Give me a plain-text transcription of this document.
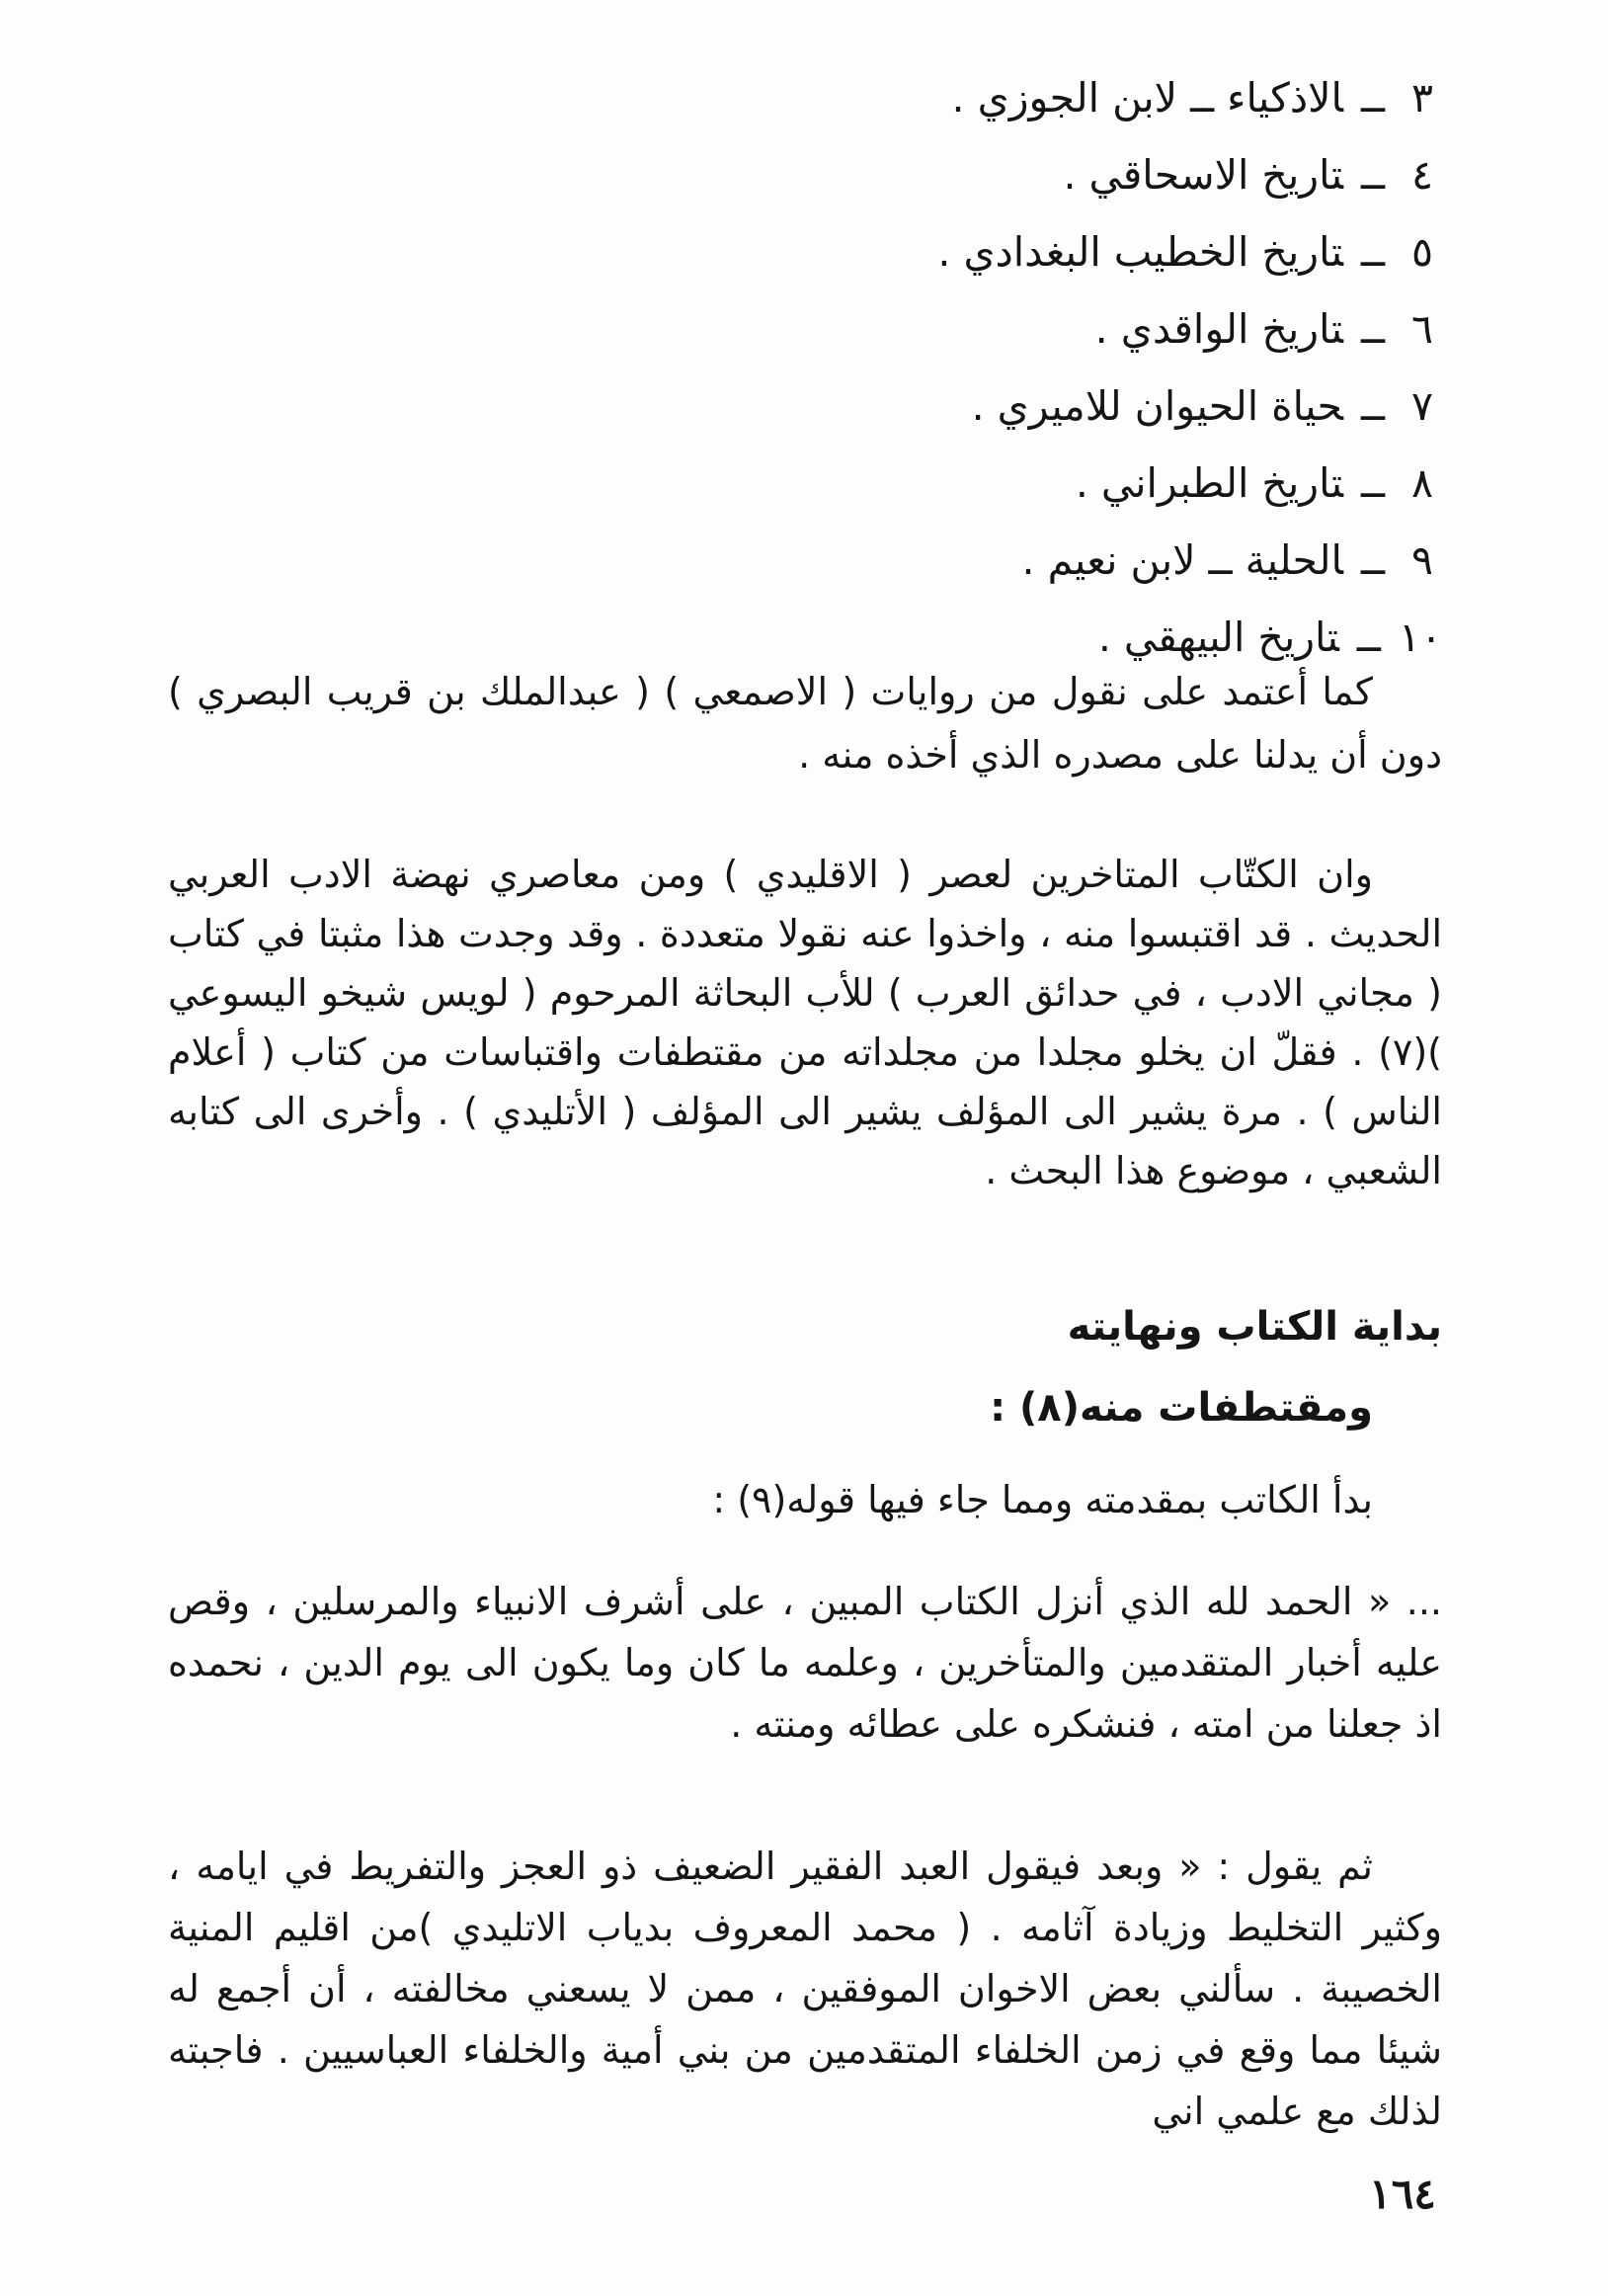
٣ــالاذكياء ــ لابن الجوزي .
٤ــتاريخ الاسحاقي .
٥ــتاريخ الخطيب البغدادي .
٦ــتاريخ الواقدي .
٧ــحياة الحيوان للاميري .
٨ــتاريخ الطبراني .
٩ــالحلية ــ لابن نعيم .
١٠ــتاريخ البيهقي .

كما أعتمد على نقول من روايات ( الاصمعي ) ( عبدالملك بن قريب البصري ) دون أن يدلنا على مصدره الذي أخذه منه .

وان الكتّاب المتاخرين لعصر ( الاقليدي ) ومن معاصري نهضة الادب العربي الحديث . قد اقتبسوا منه ، واخذوا عنه نقولا متعددة . وقد وجدت هذا مثبتا في كتاب ( مجاني الادب ، في حدائق العرب ) للأب البحاثة المرحوم ( لويس شيخو اليسوعي )(٧) . فقلّ ان يخلو مجلدا من مجلداته من مقتطفات واقتباسات من كتاب ( أعلام الناس ) . مرة يشير الى المؤلف يشير الى المؤلف ( الأتليدي ) . وأخرى الى كتابه الشعبي ، موضوع هذا البحث .

بداية الكتاب ونهايته
ومقتطفات منه(٨) :

بدأ الكاتب بمقدمته ومما جاء فيها قوله(٩) :

... « الحمد لله الذي أنزل الكتاب المبين ، على أشرف الانبياء والمرسلين ، وقص عليه أخبار المتقدمين والمتأخرين ، وعلمه ما كان وما يكون الى يوم الدين ، نحمده اذ جعلنا من امته ، فنشكره على عطائه ومنته .

ثم يقول : « وبعد فيقول العبد الفقير الضعيف ذو العجز والتفريط في ايامه ، وكثير التخليط وزيادة آثامه . ( محمد المعروف بدياب الاتليدي )من اقليم المنية الخصيبة . سألني بعض الاخوان الموفقين ، ممن لا يسعني مخالفته ، أن أجمع له شيئا مما وقع في زمن الخلفاء المتقدمين من بني أمية والخلفاء العباسيين . فاجبته لذلك مع علمي اني

١٦٤
